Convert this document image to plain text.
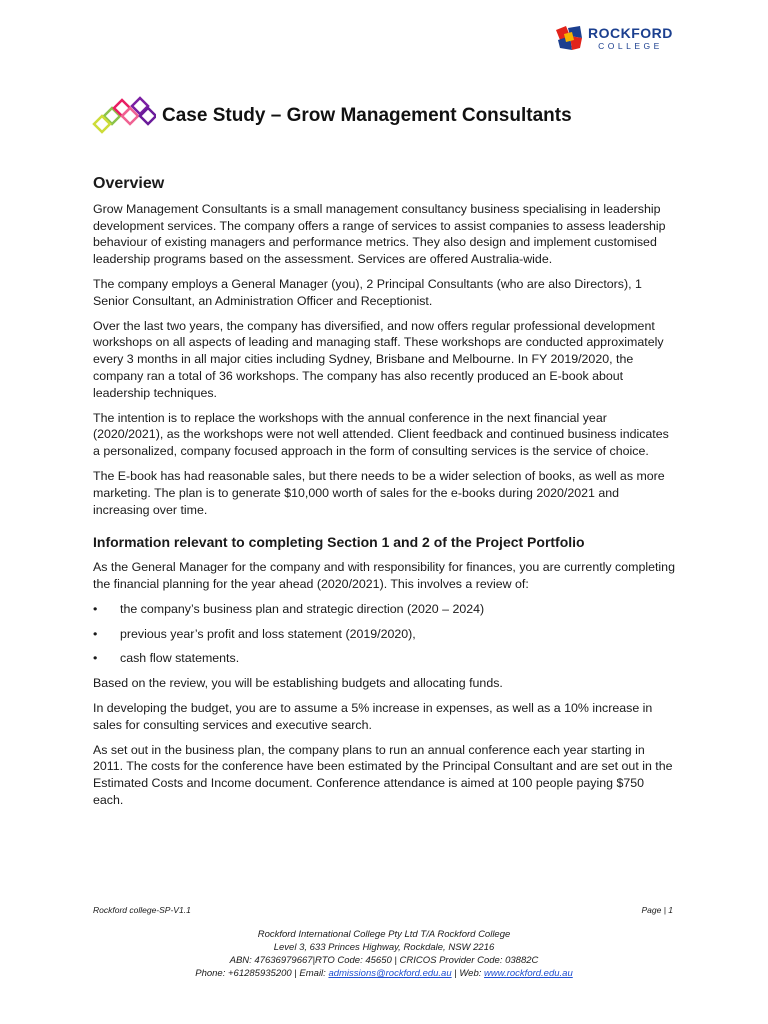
ROCKFORD
COLLEGE
Case Study – Grow Management Consultants
Overview

Grow Management Consultants is a small management consultancy business specialising in leadership development services. The company offers a range of services to assist companies to assess leadership behaviour of existing managers and performance metrics. They also design and implement customised leadership programs based on the assessment. Services are offered Australia-wide.

The company employs a General Manager (you), 2 Principal Consultants (who are also Directors), 1 Senior Consultant, an Administration Officer and Receptionist.

Over the last two years, the company has diversified, and now offers regular professional development workshops on all aspects of leading and managing staff. These workshops are conducted approximately every 3 months in all major cities including Sydney, Brisbane and Melbourne. In FY 2019/2020, the company ran a total of 36 workshops. The company has also recently produced an E-book about leadership techniques.

The intention is to replace the workshops with the annual conference in the next financial year (2020/2021), as the workshops were not well attended. Client feedback and continued business indicates a personalized, company focused approach in the form of consulting services is the service of choice.

The E-book has had reasonable sales, but there needs to be a wider selection of books, as well as more marketing. The plan is to generate $10,000 worth of sales for the e-books during 2020/2021 and increasing over time.

Information relevant to completing Section 1 and 2 of the Project Portfolio

As the General Manager for the company and with responsibility for finances, you are currently completing the financial planning for the year ahead (2020/2021). This involves a review of:

• the company’s business plan and strategic direction (2020 – 2024)
• previous year’s profit and loss statement (2019/2020),
• cash flow statements.

Based on the review, you will be establishing budgets and allocating funds.

In developing the budget, you are to assume a 5% increase in expenses, as well as a 10% increase in sales for consulting services and executive search.

As set out in the business plan, the company plans to run an annual conference each year starting in 2011. The costs for the conference have been estimated by the Principal Consultant and are set out in the Estimated Costs and Income document. Conference attendance is aimed at 100 people paying $750 each.

Rockford college-SP-V1.1	Page | 1
Rockford International College Pty Ltd T/A Rockford College
Level 3, 633 Princes Highway, Rockdale, NSW 2216
ABN: 47636979667|RTO Code: 45650 | CRICOS Provider Code: 03882C
Phone: +61285935200 | Email: admissions@rockford.edu.au | Web: www.rockford.edu.au
